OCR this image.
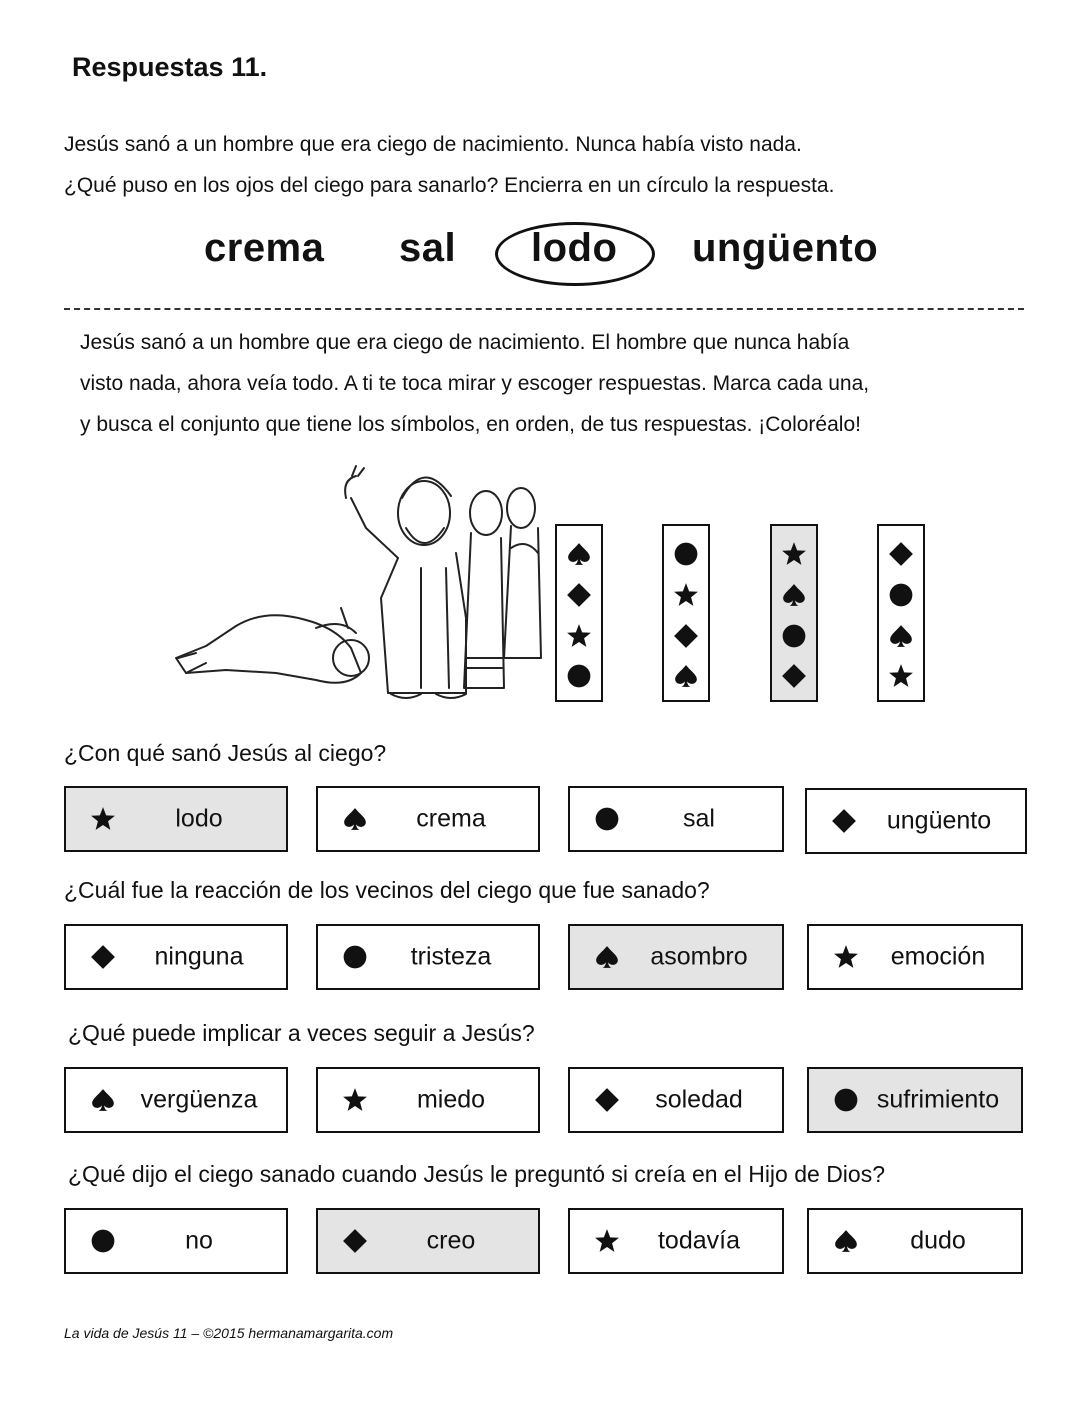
Respuestas 11.
Jesús sanó a un hombre que era ciego de nacimiento. Nunca había visto nada.
¿Qué puso en los ojos del ciego para sanarlo? Encierra en un círculo la respuesta.
crema sal lodo ungüento
Jesús sanó a un hombre que era ciego de nacimiento. El hombre que nunca había
visto nada, ahora veía todo. A ti te toca mirar y escoger respuestas. Marca cada una,
y busca el conjunto que tiene los símbolos, en orden, de tus respuestas. ¡Coloréalo!
¿Con qué sanó Jesús al ciego?
lodo	crema	sal	ungüento
¿Cuál fue la reacción de los vecinos del ciego que fue sanado?
ninguna	tristeza	asombro	emoción
¿Qué puede implicar a veces seguir a Jesús?
vergüenza	miedo	soledad	sufrimiento
¿Qué dijo el ciego sanado cuando Jesús le preguntó si creía en el Hijo de Dios?
no	creo	todavía	dudo
La vida de Jesús 11 – ©2015 hermanamargarita.com
